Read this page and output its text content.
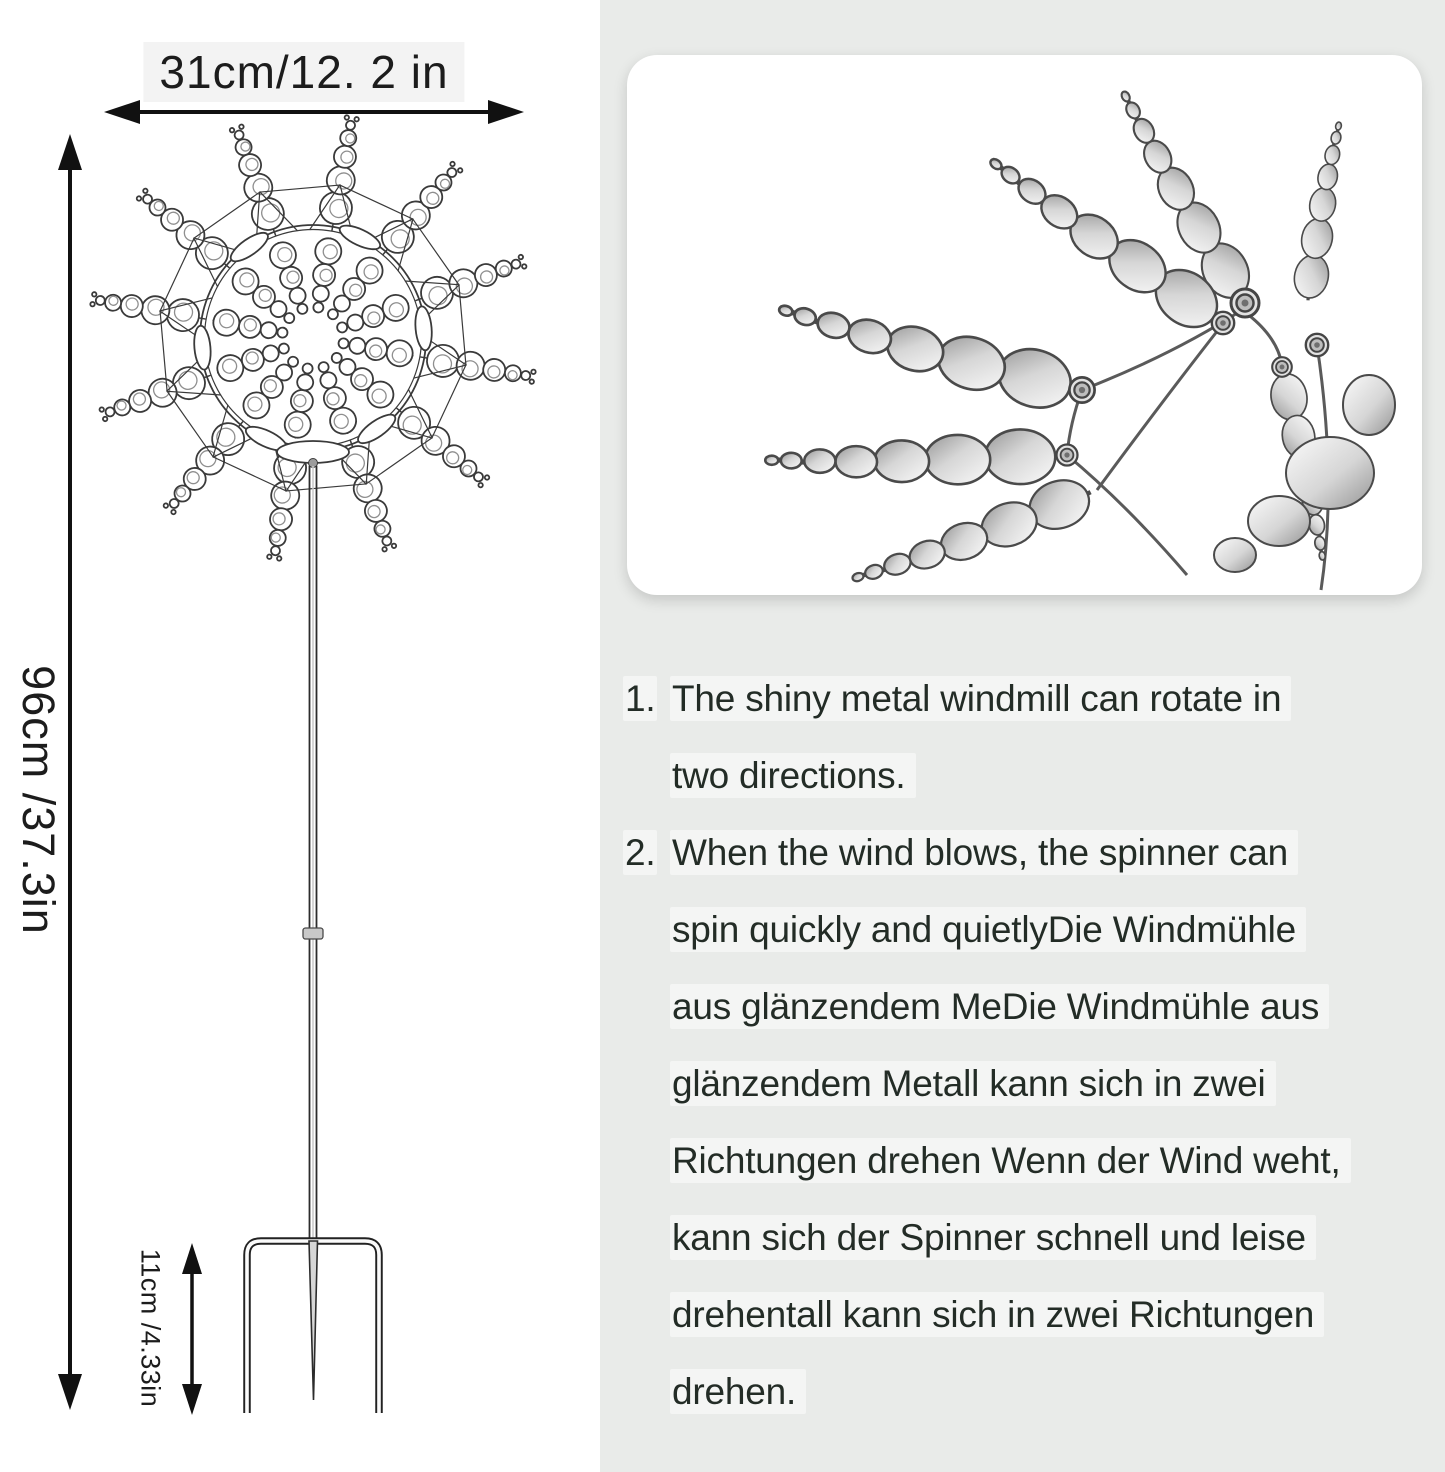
31cm/12. 2 in
96cm /37.3in
11cm /4.33in
1. The shiny metal windmill can rotate in
two directions.
2. When the wind blows, the spinner can
spin quickly and quietlyDie Windmühle
aus glänzendem MeDie Windmühle aus
glänzendem Metall kann sich in zwei
Richtungen drehen Wenn der Wind weht,
kann sich der Spinner schnell und leise
drehentall kann sich in zwei Richtungen
drehen.
